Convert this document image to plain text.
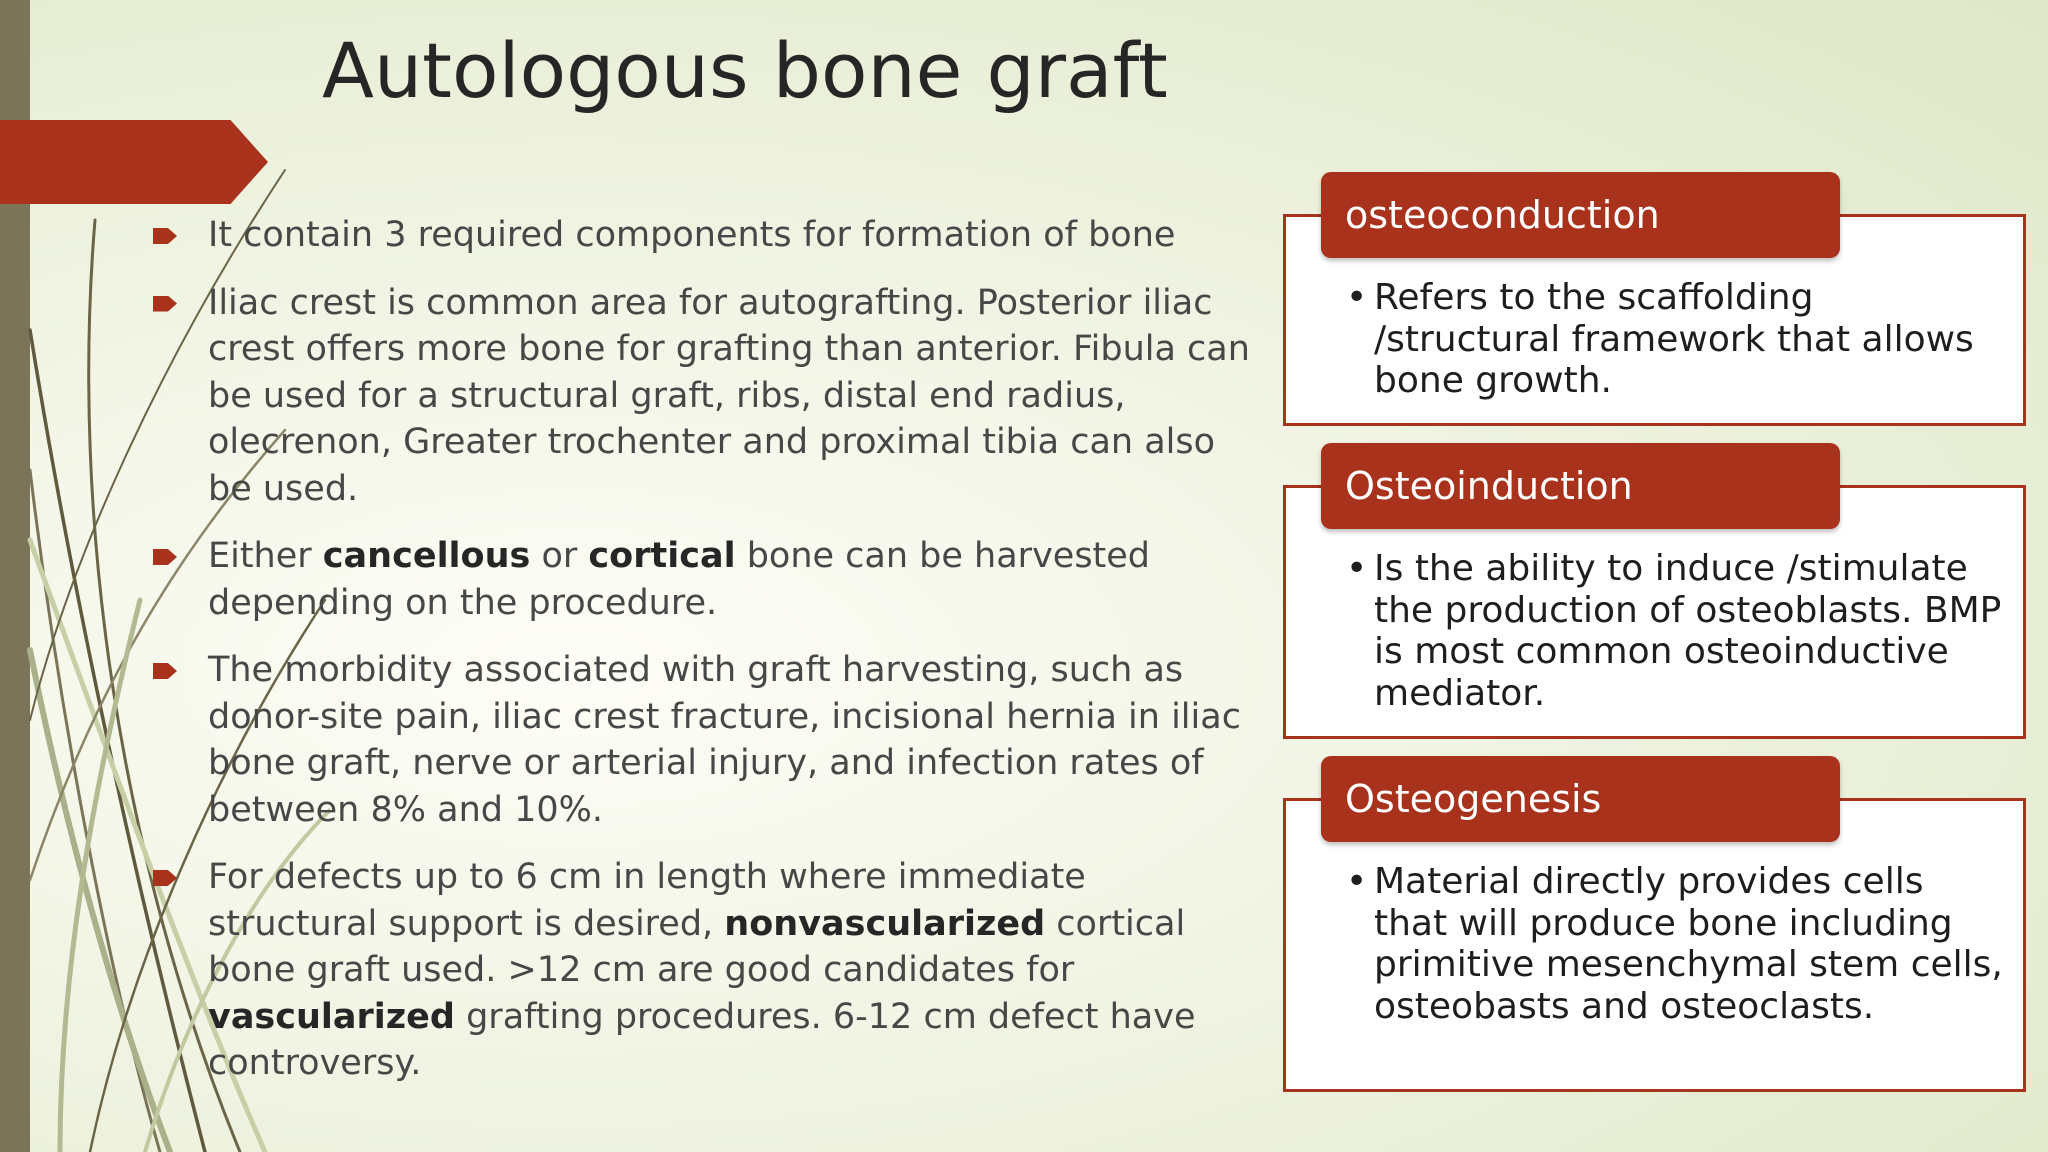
Autologous bone graft
It contain 3 required components for formation of bone
Iliac crest is common area for autografting. Posterior iliac crest offers more bone for grafting than anterior. Fibula can be used for a structural graft, ribs, distal end radius, olecrenon, Greater trochenter and proximal tibia can also be used.
Either cancellous or cortical bone can be harvested depending on the procedure.
The morbidity associated with graft harvesting, such as donor-site pain, iliac crest fracture, incisional hernia in iliac bone graft, nerve or arterial injury, and infection rates of between 8% and 10%.
For defects up to 6 cm in length where immediate structural support is desired, nonvascularized cortical bone graft used. >12 cm are good candidates for vascularized grafting procedures. 6-12 cm defect have controversy.
• Refers to the scaffolding /structural framework that allows bone growth.
osteoconduction
• Is the ability to induce /stimulate the production of osteoblasts. BMP is most common osteoinductive mediator.
Osteoinduction
• Material directly provides cells that will produce bone including primitive mesenchymal stem cells, osteobasts and osteoclasts.
Osteogenesis
